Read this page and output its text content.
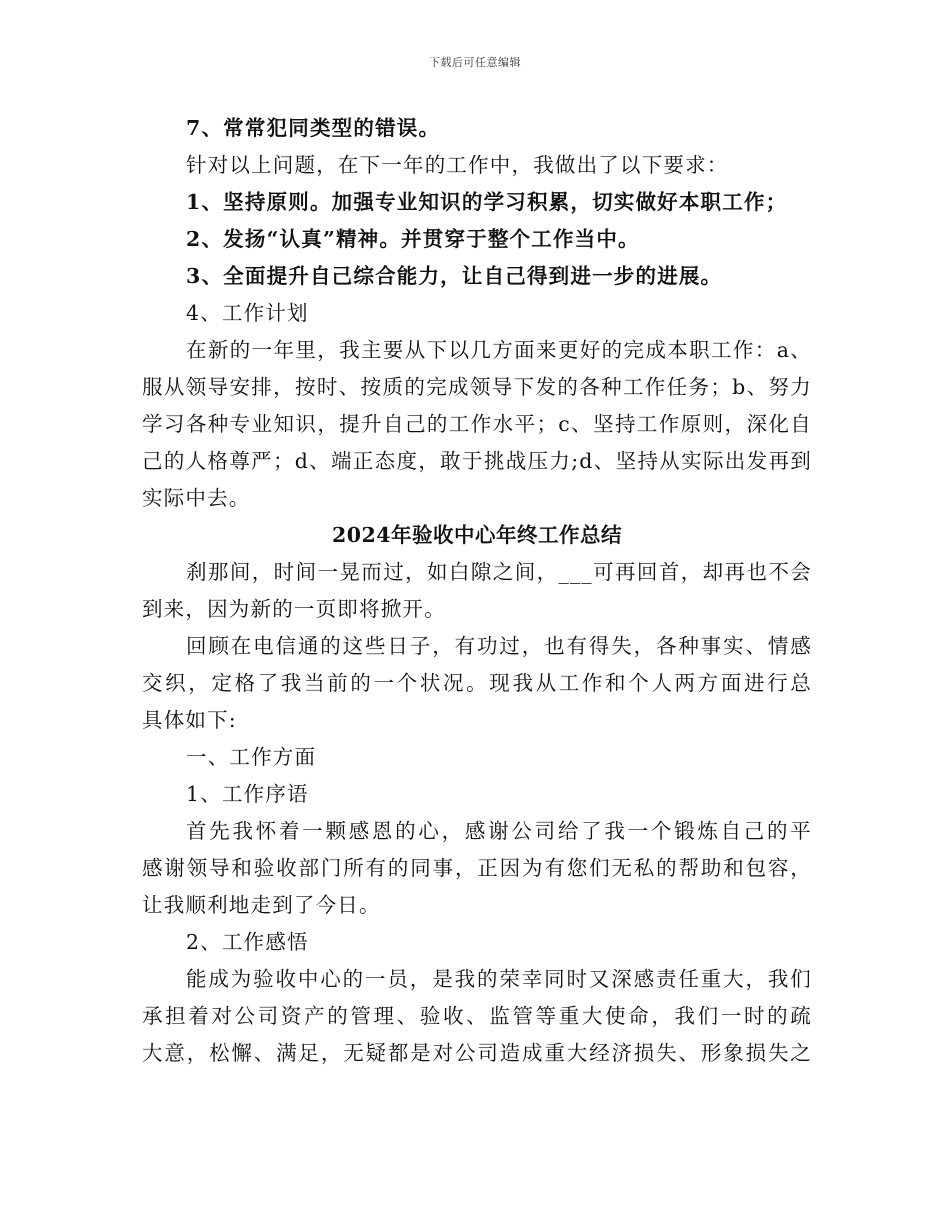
下载后可任意编辑
7、常常犯同类型的错误。
针对以上问题，在下一年的工作中，我做出了以下要求：
1、坚持原则。加强专业知识的学习积累，切实做好本职工作；
2、发扬“认真”精神。并贯穿于整个工作当中。
3、全面提升自己综合能力，让自己得到进一步的进展。
4、工作计划
在新的一年里，我主要从下以几方面来更好的完成本职工作：a、
服从领导安排，按时、按质的完成领导下发的各种工作任务；b、努力
学习各种专业知识，提升自己的工作水平；c、坚持工作原则，深化自
己的人格尊严；d、端正态度，敢于挑战压力;d、坚持从实际出发再到
实际中去。
2024年验收中心年终工作总结
刹那间，时间一晃而过，如白隙之间，___可再回首，却再也不会
到来，因为新的一页即将掀开。
回顾在电信通的这些日子，有功过，也有得失，各种事实、情感
交织，定格了我当前的一个状况。现我从工作和个人两方面进行总
具体如下:
一、工作方面
1、工作序语
首先我怀着一颗感恩的心，感谢公司给了我一个锻炼自己的平
感谢领导和验收部门所有的同事，正因为有您们无私的帮助和包容，
让我顺利地走到了今日。
2、工作感悟
能成为验收中心的一员，是我的荣幸同时又深感责任重大，我们
承担着对公司资产的管理、验收、监管等重大使命，我们一时的疏
大意，松懈、满足，无疑都是对公司造成重大经济损失、形象损失之
